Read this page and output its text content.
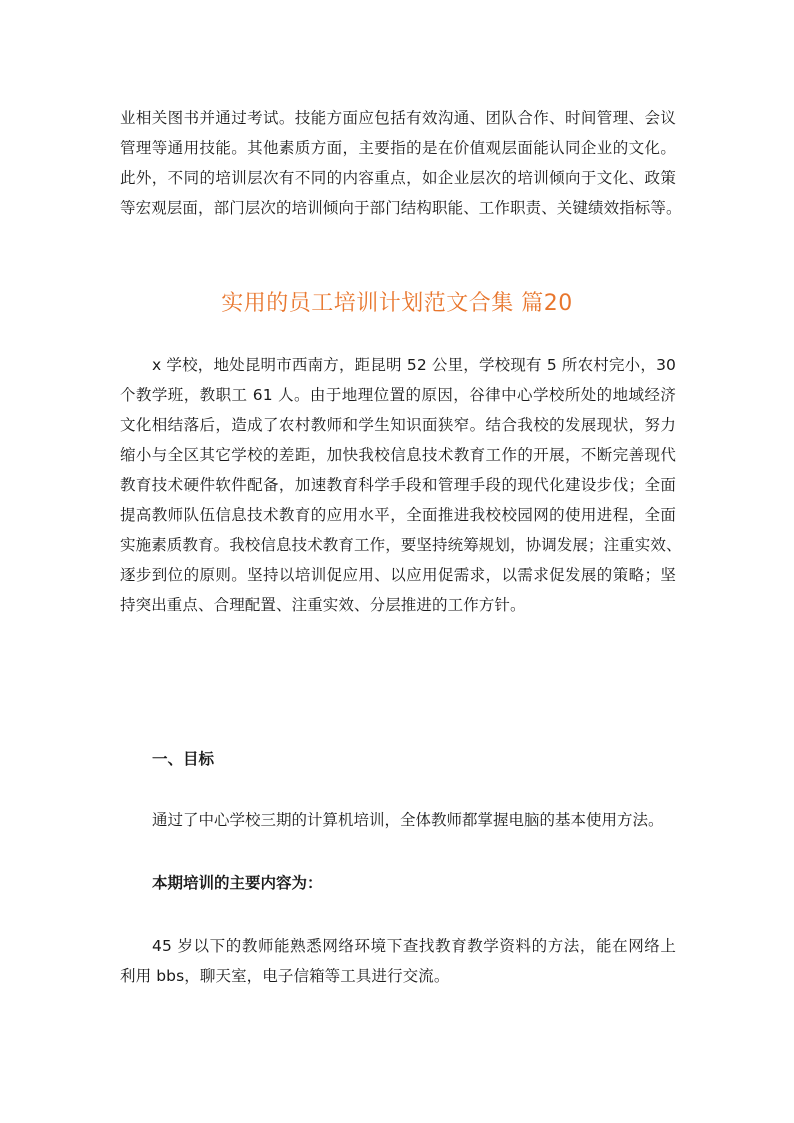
业相关图书并通过考试。技能方面应包括有效沟通、团队合作、时间管理、会议
管理等通用技能。其他素质方面，主要指的是在价值观层面能认同企业的文化。
此外，不同的培训层次有不同的内容重点，如企业层次的培训倾向于文化、政策
等宏观层面，部门层次的培训倾向于部门结构职能、工作职责、关键绩效指标等。
实用的员工培训计划范文合集 篇20
x 学校，地处昆明市西南方，距昆明 52 公里，学校现有 5 所农村完小，30
个教学班，教职工 61 人。由于地理位置的原因，谷律中心学校所处的地域经济
文化相结落后，造成了农村教师和学生知识面狭窄。结合我校的发展现状，努力
缩小与全区其它学校的差距，加快我校信息技术教育工作的开展，不断完善现代
教育技术硬件软件配备，加速教育科学手段和管理手段的现代化建设步伐；全面
提高教师队伍信息技术教育的应用水平，全面推进我校校园网的使用进程，全面
实施素质教育。我校信息技术教育工作，要坚持统筹规划，协调发展；注重实效、
逐步到位的原则。坚持以培训促应用、以应用促需求，以需求促发展的策略；坚
持突出重点、合理配置、注重实效、分层推进的工作方针。
一、目标
通过了中心学校三期的计算机培训，全体教师都掌握电脑的基本使用方法。
本期培训的主要内容为：
45 岁以下的教师能熟悉网络环境下查找教育教学资料的方法，能在网络上
利用 bbs，聊天室，电子信箱等工具进行交流。
